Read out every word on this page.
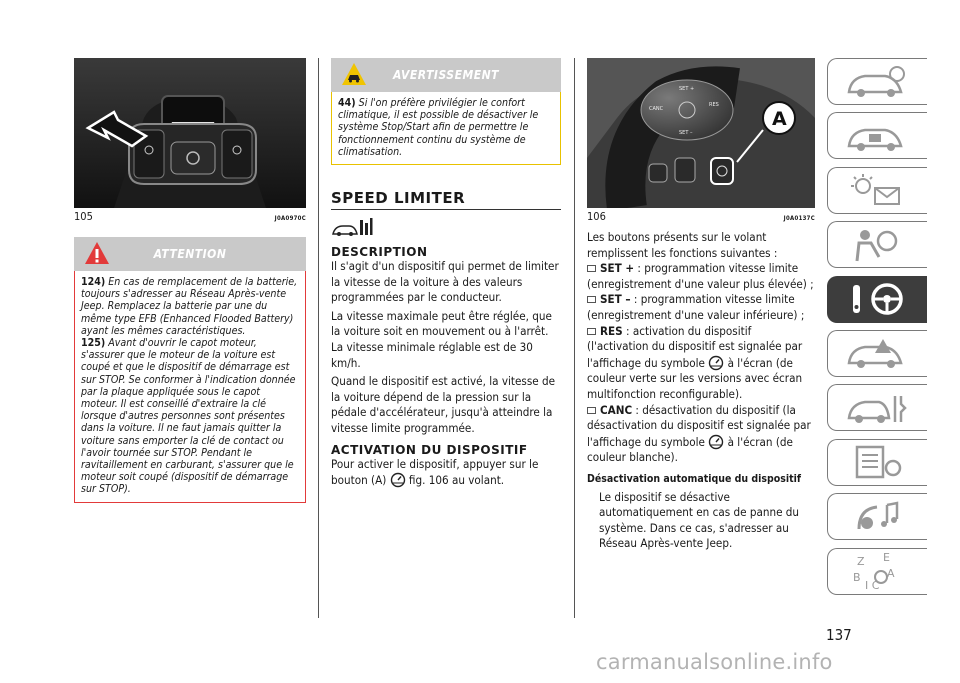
105	J0A0970C
ATTENTION
124) En cas de remplacement de la batterie, toujours s'adresser au Réseau Après-vente Jeep. Remplacez la batterie par une du même type EFB (Enhanced Flooded Battery) ayant les mêmes caractéristiques.
125) Avant d'ouvrir le capot moteur, s'assurer que le moteur de la voiture est coupé et que le dispositif de démarrage est sur STOP. Se conformer à l'indication donnée par la plaque appliquée sous le capot moteur. Il est conseillé d'extraire la clé lorsque d'autres personnes sont présentes dans la voiture. Il ne faut jamais quitter la voiture sans emporter la clé de contact ou l'avoir tournée sur STOP. Pendant le ravitaillement en carburant, s'assurer que le moteur soit coupé (dispositif de démarrage sur STOP).
AVERTISSEMENT
44) Si l'on préfère privilégier le confort climatique, il est possible de désactiver le système Stop/Start afin de permettre le fonctionnement continu du système de climatisation.
SPEED LIMITER
DESCRIPTION

Il s'agit d'un dispositif qui permet de limiter la vitesse de la voiture à des valeurs programmées par le conducteur.

La vitesse maximale peut être réglée, que la voiture soit en mouvement ou à l'arrêt. La vitesse minimale réglable est de 30 km/h.

Quand le dispositif est activé, la vitesse de la voiture dépend de la pression sur la pédale d'accélérateur, jusqu'à atteindre la vitesse limite programmée.

ACTIVATION DU DISPOSITIF

Pour activer le dispositif, appuyer sur le bouton (A)  fig. 106 au volant.

SET +
CANC
RES
SET –
A
106	J0A0137C

Les boutons présents sur le volant remplissent les fonctions suivantes :

SET + : programmation vitesse limite (enregistrement d'une valeur plus élevée) ;

SET – : programmation vitesse limite (enregistrement d'une valeur inférieure) ;

RES : activation du dispositif (l'activation du dispositif est signalée par l'affichage du symbole  à l'écran (de couleur verte sur les versions avec écran multifonction reconfigurable).

CANC : désactivation du dispositif (la désactivation du dispositif est signalée par l'affichage du symbole  à l'écran (de couleur blanche).

Désactivation automatique du dispositif

Le dispositif se désactive automatiquement en cas de panne du système. Dans ce cas, s'adresser au Réseau Après-vente Jeep.

Z E
B A
I C
137
carmanualsonline.info
